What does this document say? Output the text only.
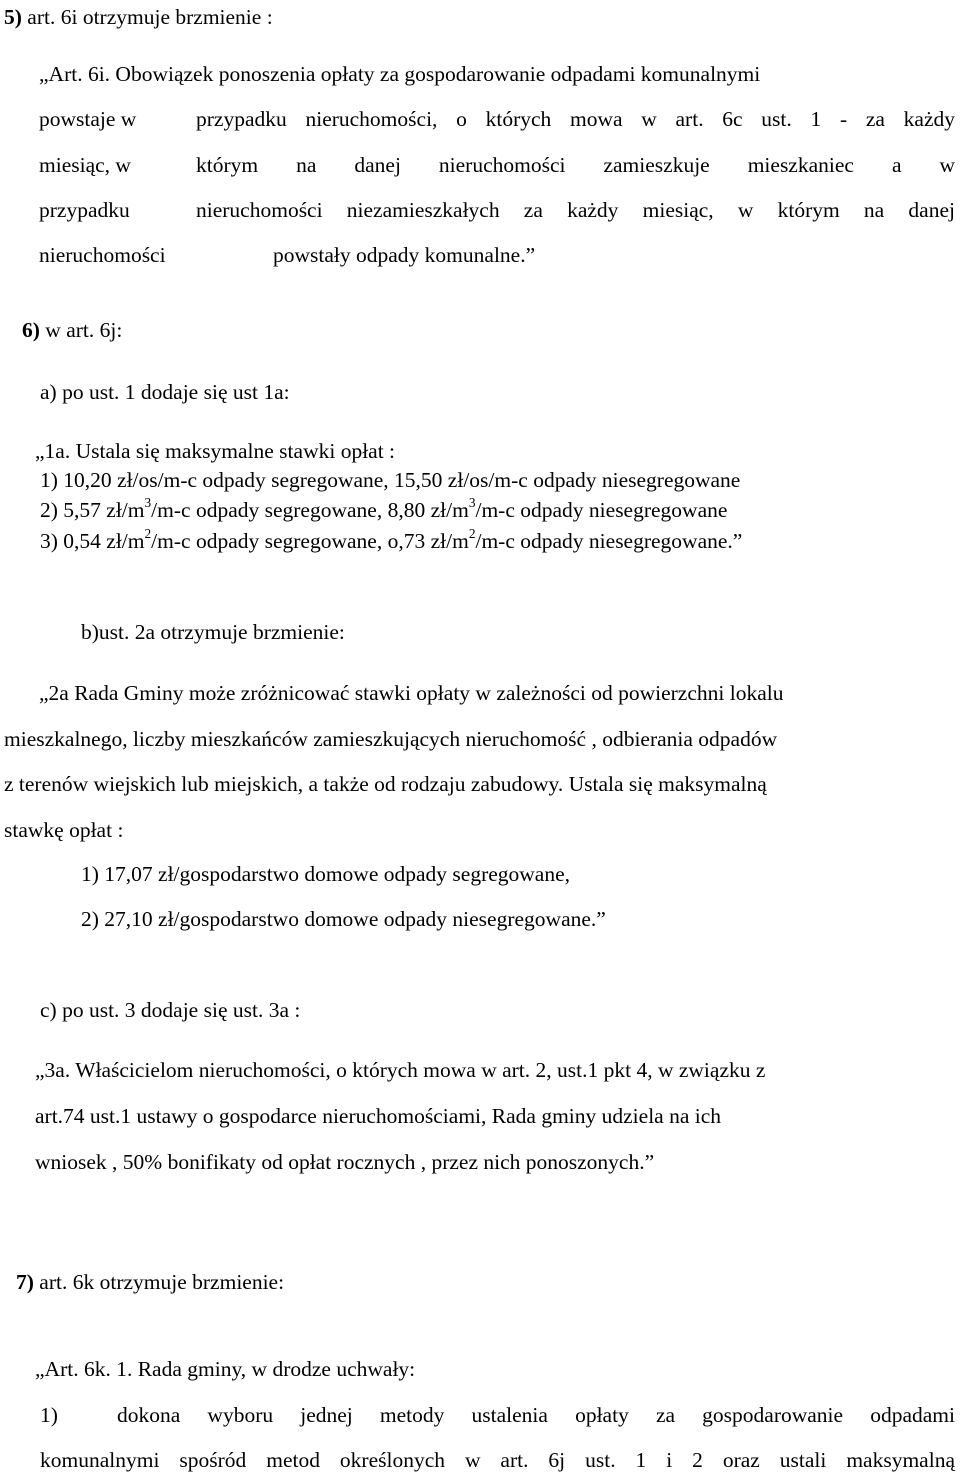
5) art. 6i otrzymuje brzmienie :
„Art. 6i. Obowiązek ponoszenia opłaty za gospodarowanie odpadami komunalnymi
powstaje w	przypadku nieruchomości, o których mowa w art. 6c ust. 1 - za każdy
miesiąc, w	którym na danej nieruchomości zamieszkuje mieszkaniec a w
przypadku	nieruchomości niezamieszkałych za każdy miesiąc, w którym na danej
nieruchomości	powstały odpady komunalne.”
6) w art. 6j:
a) po ust. 1 dodaje się ust 1a:
„1a. Ustala się maksymalne stawki opłat :
1) 10,20 zł/os/m-c odpady segregowane, 15,50 zł/os/m-c odpady niesegregowane
2) 5,57 $zł/m^3/m-c$ odpady segregowane, 8,80 $zł/m^3/m-c$ odpady niesegregowane
3) 0,54 $zł/m^2/m-c$ odpady segregowane, o,73 $zł/m^2/m-c$ odpady niesegregowane.”
b)ust. 2a otrzymuje brzmienie:
„2a Rada Gminy może zróżnicować stawki opłaty w zależności od powierzchni lokalu
mieszkalnego, liczby mieszkańców zamieszkujących nieruchomość , odbierania odpadów
z terenów wiejskich lub miejskich, a także od rodzaju zabudowy. Ustala się maksymalną
stawkę opłat :
1) 17,07 zł/gospodarstwo domowe odpady segregowane,
2) 27,10 zł/gospodarstwo domowe odpady niesegregowane.”
c) po ust. 3 dodaje się ust. 3a :
„3a. Właścicielom nieruchomości, o których mowa w art. 2, ust.1 pkt 4, w związku z
art.74 ust.1 ustawy o gospodarce nieruchomościami, Rada gminy udziela na ich
wniosek , 50% bonifikaty od opłat rocznych , przez nich ponoszonych.”
7) art. 6k otrzymuje brzmienie:
„Art. 6k. 1. Rada gminy, w drodze uchwały:
1)	dokona wyboru jednej metody ustalenia opłaty za gospodarowanie odpadami
komunalnymi spośród metod określonych w art. 6j ust. 1 i 2 oraz ustali maksymalną
